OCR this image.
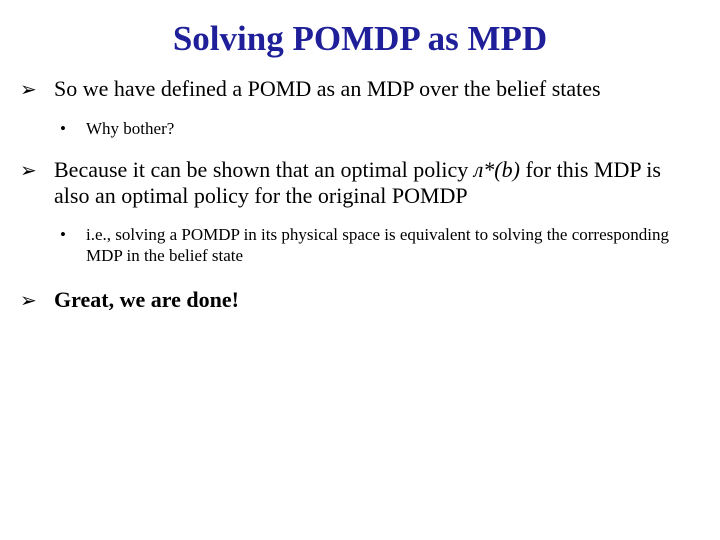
Solving POMDP as MPD
➢ So we have defined a POMD as an MDP over the belief states
• Why bother?
➢ Because it can be shown that an optimal policy л*(b) for this MDP is also an optimal policy for the original POMDP
• i.e., solving a POMDP in its physical space is equivalent to solving the corresponding MDP in the belief state
➢ Great, we are done!
